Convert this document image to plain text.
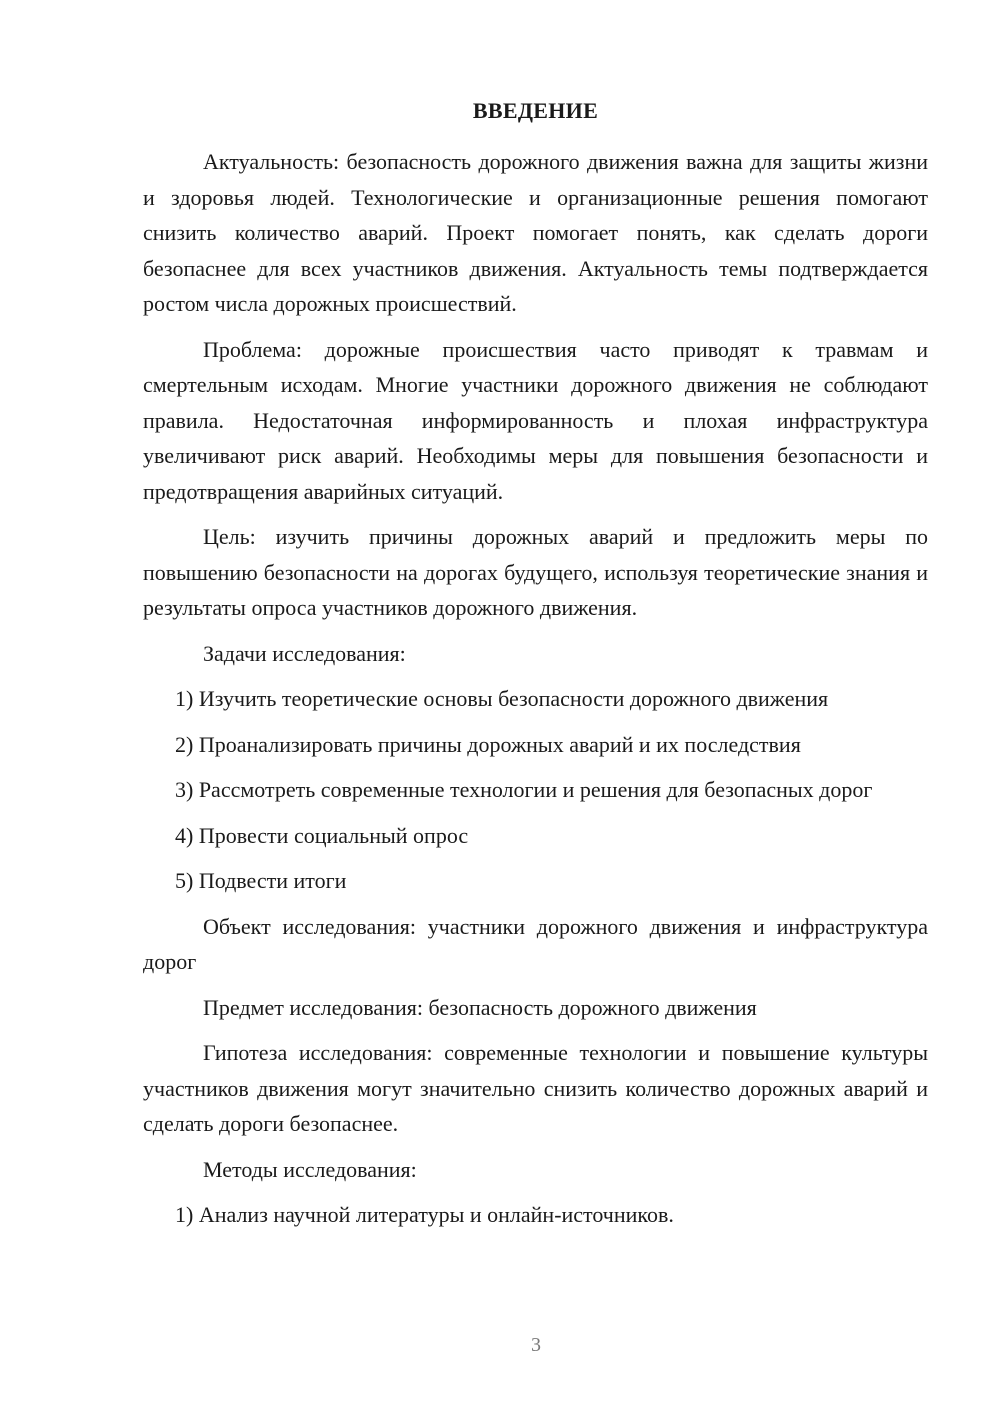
ВВЕДЕНИЕ

Актуальность: безопасность дорожного движения важна для защиты жизни и здоровья людей. Технологические и организационные решения помогают снизить количество аварий. Проект помогает понять, как сделать дороги безопаснее для всех участников движения. Актуальность темы подтверждается ростом числа дорожных происшествий.

Проблема: дорожные происшествия часто приводят к травмам и смертельным исходам. Многие участники дорожного движения не соблюдают правила. Недостаточная информированность и плохая инфраструктура увеличивают риск аварий. Необходимы меры для повышения безопасности и предотвращения аварийных ситуаций.

Цель: изучить причины дорожных аварий и предложить меры по повышению безопасности на дорогах будущего, используя теоретические знания и результаты опроса участников дорожного движения.

Задачи исследования:

1) Изучить теоретические основы безопасности дорожного движения

2) Проанализировать причины дорожных аварий и их последствия

3) Рассмотреть современные технологии и решения для безопасных дорог

4) Провести социальный опрос

5) Подвести итоги

Объект исследования: участники дорожного движения и инфраструктура дорог

Предмет исследования: безопасность дорожного движения

Гипотеза исследования: современные технологии и повышение культуры участников движения могут значительно снизить количество дорожных аварий и сделать дороги безопаснее.

Методы исследования:

1) Анализ научной литературы и онлайн-источников.

3
